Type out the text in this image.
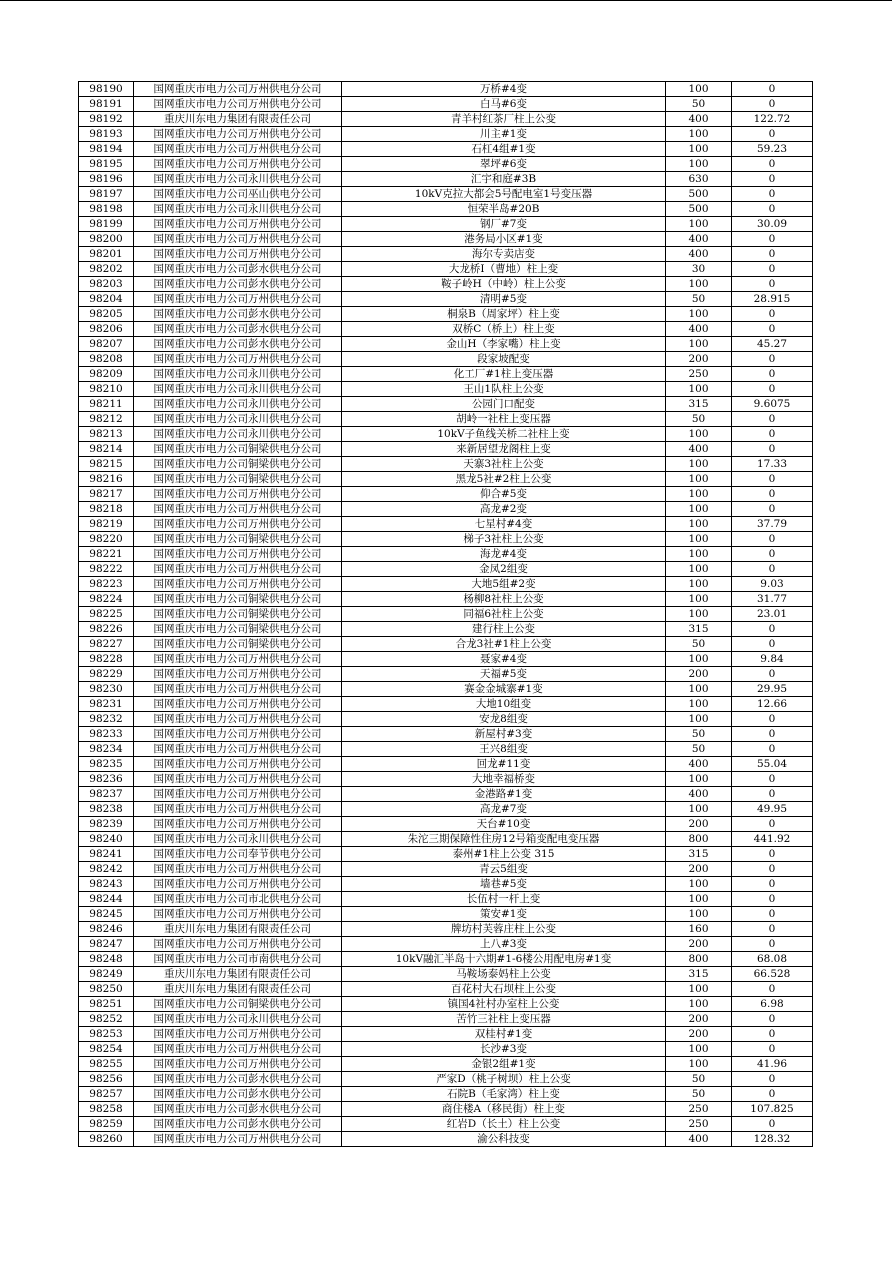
98190	国网重庆市电力公司万州供电分公司	万桥#4变	100	0
98191	国网重庆市电力公司万州供电分公司	白马#6变	50	0
98192	重庆川东电力集团有限责任公司	青羊村红茶厂柱上公变	400	122.72
98193	国网重庆市电力公司万州供电分公司	川主#1变	100	0
98194	国网重庆市电力公司万州供电分公司	石杠4组#1变	100	59.23
98195	国网重庆市电力公司万州供电分公司	翠坪#6变	100	0
98196	国网重庆市电力公司永川供电分公司	汇宇和庭#3B	630	0
98197	国网重庆市电力公司巫山供电分公司	10kV克拉大都会5号配电室1号变压器	500	0
98198	国网重庆市电力公司永川供电分公司	恒荣半岛#20B	500	0
98199	国网重庆市电力公司万州供电分公司	钢厂#7变	100	30.09
98200	国网重庆市电力公司万州供电分公司	港务局小区#1变	400	0
98201	国网重庆市电力公司万州供电分公司	海尔专卖店变	400	0
98202	国网重庆市电力公司彭水供电分公司	大龙桥I（曹地）柱上变	30	0
98203	国网重庆市电力公司彭水供电分公司	鞍子岭H（中岭）柱上公变	100	0
98204	国网重庆市电力公司万州供电分公司	清明#5变	50	28.915
98205	国网重庆市电力公司彭水供电分公司	桐泉B（周家坪）柱上变	100	0
98206	国网重庆市电力公司彭水供电分公司	双桥C（桥上）柱上变	400	0
98207	国网重庆市电力公司彭水供电分公司	金山H（李家嘴）柱上变	100	45.27
98208	国网重庆市电力公司万州供电分公司	段家坡配变	200	0
98209	国网重庆市电力公司永川供电分公司	化工厂#1柱上变压器	250	0
98210	国网重庆市电力公司永川供电分公司	王山1队柱上公变	100	0
98211	国网重庆市电力公司永川供电分公司	公园门口配变	315	9.6075
98212	国网重庆市电力公司永川供电分公司	胡岭一社柱上变压器	50	0
98213	国网重庆市电力公司永川供电分公司	10kV子鱼线关桥二社柱上变	100	0
98214	国网重庆市电力公司铜梁供电分公司	来新居望龙阁柱上变	400	0
98215	国网重庆市电力公司铜梁供电分公司	天寨3社柱上公变	100	17.33
98216	国网重庆市电力公司铜梁供电分公司	黑龙5社#2柱上公变	100	0
98217	国网重庆市电力公司万州供电分公司	仰合#5变	100	0
98218	国网重庆市电力公司万州供电分公司	高龙#2变	100	0
98219	国网重庆市电力公司万州供电分公司	七星村#4变	100	37.79
98220	国网重庆市电力公司铜梁供电分公司	梯子3社柱上公变	100	0
98221	国网重庆市电力公司万州供电分公司	海龙#4变	100	0
98222	国网重庆市电力公司万州供电分公司	金凤2组变	100	0
98223	国网重庆市电力公司万州供电分公司	大地5组#2变	100	9.03
98224	国网重庆市电力公司铜梁供电分公司	杨柳8社柱上公变	100	31.77
98225	国网重庆市电力公司铜梁供电分公司	同福6社柱上公变	100	23.01
98226	国网重庆市电力公司铜梁供电分公司	建行柱上公变	315	0
98227	国网重庆市电力公司铜梁供电分公司	合龙3社#1柱上公变	50	0
98228	国网重庆市电力公司万州供电分公司	聂家#4变	100	9.84
98229	国网重庆市电力公司万州供电分公司	天福#5变	200	0
98230	国网重庆市电力公司万州供电分公司	赛金金城寨#1变	100	29.95
98231	国网重庆市电力公司万州供电分公司	大地10组变	100	12.66
98232	国网重庆市电力公司万州供电分公司	安龙8组变	100	0
98233	国网重庆市电力公司万州供电分公司	新屋村#3变	50	0
98234	国网重庆市电力公司万州供电分公司	王兴8组变	50	0
98235	国网重庆市电力公司万州供电分公司	回龙#11变	400	55.04
98236	国网重庆市电力公司万州供电分公司	大地幸福桥变	100	0
98237	国网重庆市电力公司万州供电分公司	金港路#1变	400	0
98238	国网重庆市电力公司万州供电分公司	高龙#7变	100	49.95
98239	国网重庆市电力公司万州供电分公司	天台#10变	200	0
98240	国网重庆市电力公司永川供电分公司	朱沱三期保障性住房12号箱变配电变压器	800	441.92
98241	国网重庆市电力公司奉节供电分公司	泰州#1柱上公变 315	315	0
98242	国网重庆市电力公司万州供电分公司	青云5组变	200	0
98243	国网重庆市电力公司万州供电分公司	墙巷#5变	100	0
98244	国网重庆市电力公司市北供电分公司	长伍村一杆上变	100	0
98245	国网重庆市电力公司万州供电分公司	策安#1变	100	0
98246	重庆川东电力集团有限责任公司	牌坊村芙蓉庄柱上公变	160	0
98247	国网重庆市电力公司万州供电分公司	上八#3变	200	0
98248	国网重庆市电力公司市南供电分公司	10kV融汇半岛十六期#1-6楼公用配电房#1变	800	68.08
98249	重庆川东电力集团有限责任公司	马鞍场泰妈柱上公变	315	66.528
98250	重庆川东电力集团有限责任公司	百花村大石坝柱上公变	100	0
98251	国网重庆市电力公司铜梁供电分公司	镇国4社村办室柱上公变	100	6.98
98252	国网重庆市电力公司永川供电分公司	苦竹三社柱上变压器	200	0
98253	国网重庆市电力公司万州供电分公司	双桂村#1变	200	0
98254	国网重庆市电力公司万州供电分公司	长沙#3变	100	0
98255	国网重庆市电力公司万州供电分公司	金银2组#1变	100	41.96
98256	国网重庆市电力公司彭水供电分公司	严家D（桃子树坝）柱上公变	50	0
98257	国网重庆市电力公司彭水供电分公司	石院B（毛家湾）柱上变	50	0
98258	国网重庆市电力公司彭水供电分公司	商住楼A（移民街）柱上变	250	107.825
98259	国网重庆市电力公司彭水供电分公司	红岩D（长土）柱上公变	250	0
98260	国网重庆市电力公司万州供电分公司	渝公科技变	400	128.32
